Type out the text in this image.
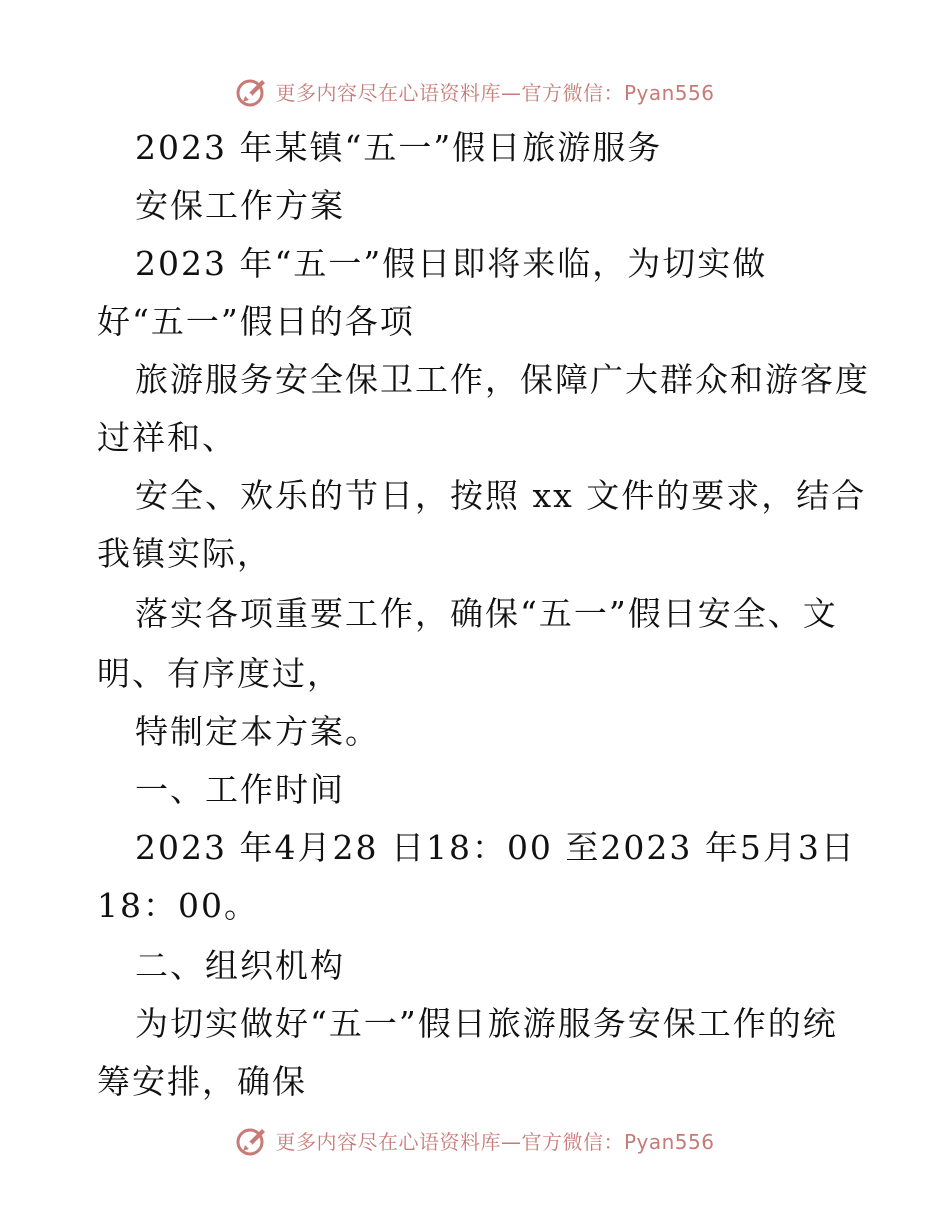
更多内容尽在心语资料库—官方微信：Pyan556
2023 年某镇“五一”假日旅游服务
安保工作方案
2023 年“五一”假日即将来临，为切实做
好“五一”假日的各项
旅游服务安全保卫工作，保障广大群众和游客度
过祥和、
安全、欢乐的节日，按照 xx 文件的要求，结合
我镇实际，
落实各项重要工作，确保“五一”假日安全、文
明、有序度过，
特制定本方案。
一、工作时间
2023 年4月28 日18：00 至2023 年5月3日
18：00。
二、组织机构
为切实做好“五一”假日旅游服务安保工作的统
筹安排，确保
更多内容尽在心语资料库—官方微信：Pyan556
